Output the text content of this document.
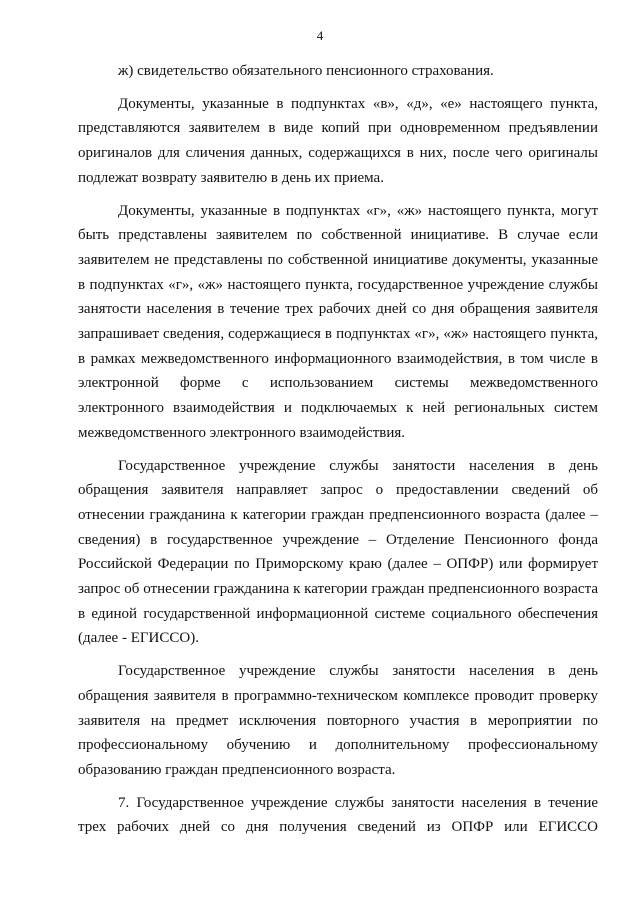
4

ж) свидетельство обязательного пенсионного страхования.

Документы, указанные в подпунктах «в», «д», «е» настоящего пункта, представляются заявителем в виде копий при одновременном предъявлении оригиналов для сличения данных, содержащихся в них, после чего оригиналы подлежат возврату заявителю в день их приема.

Документы, указанные в подпунктах «г», «ж» настоящего пункта, могут быть представлены заявителем по собственной инициативе. В случае если заявителем не представлены по собственной инициативе документы, указанные в подпунктах «г», «ж» настоящего пункта, государственное учреждение службы занятости населения в течение трех рабочих дней со дня обращения заявителя запрашивает сведения, содержащиеся в подпунктах «г», «ж» настоящего пункта, в рамках межведомственного информационного взаимодействия, в том числе в электронной форме с использованием системы межведомственного электронного взаимодействия и подключаемых к ней региональных систем межведомственного электронного взаимодействия.

Государственное учреждение службы занятости населения в день обращения заявителя направляет запрос о предоставлении сведений об отнесении гражданина к категории граждан предпенсионного возраста (далее – сведения) в государственное учреждение – Отделение Пенсионного фонда Российской Федерации по Приморскому краю (далее – ОПФР) или формирует запрос об отнесении гражданина к категории граждан предпенсионного возраста в единой государственной информационной системе социального обеспечения (далее - ЕГИССО).

Государственное учреждение службы занятости населения в день обращения заявителя в программно-техническом комплексе проводит проверку заявителя на предмет исключения повторного участия в мероприятии по профессиональному обучению и дополнительному профессиональному образованию граждан предпенсионного возраста.

7. Государственное учреждение службы занятости населения в течение трех рабочих дней со дня получения сведений из ОПФР или ЕГИССО
